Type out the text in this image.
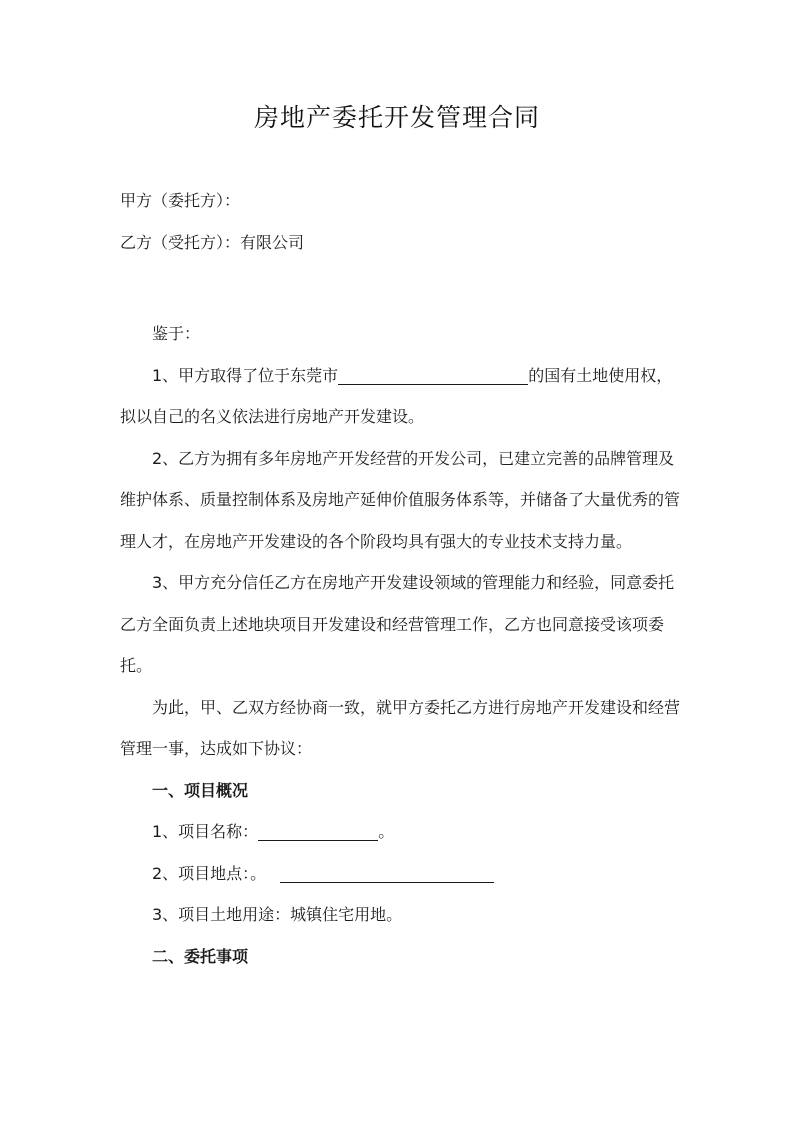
房地产委托开发管理合同
甲方（委托方）：
乙方（受托方）：有限公司

鉴于：

1、甲方取得了位于东莞市	的国有土地使用权，拟以自己的名义依法进行房地产开发建设。

2、乙方为拥有多年房地产开发经营的开发公司，已建立完善的品牌管理及维护体系、质量控制体系及房地产延伸价值服务体系等，并储备了大量优秀的管理人才，在房地产开发建设的各个阶段均具有强大的专业技术支持力量。

3、甲方充分信任乙方在房地产开发建设领域的管理能力和经验，同意委托乙方全面负责上述地块项目开发建设和经营管理工作，乙方也同意接受该项委托。

为此，甲、乙双方经协商一致，就甲方委托乙方进行房地产开发建设和经营管理一事，达成如下协议：

一、项目概况

1、项目名称：	。

2、项目地点：。

3、项目土地用途：城镇住宅用地。

二、委托事项
